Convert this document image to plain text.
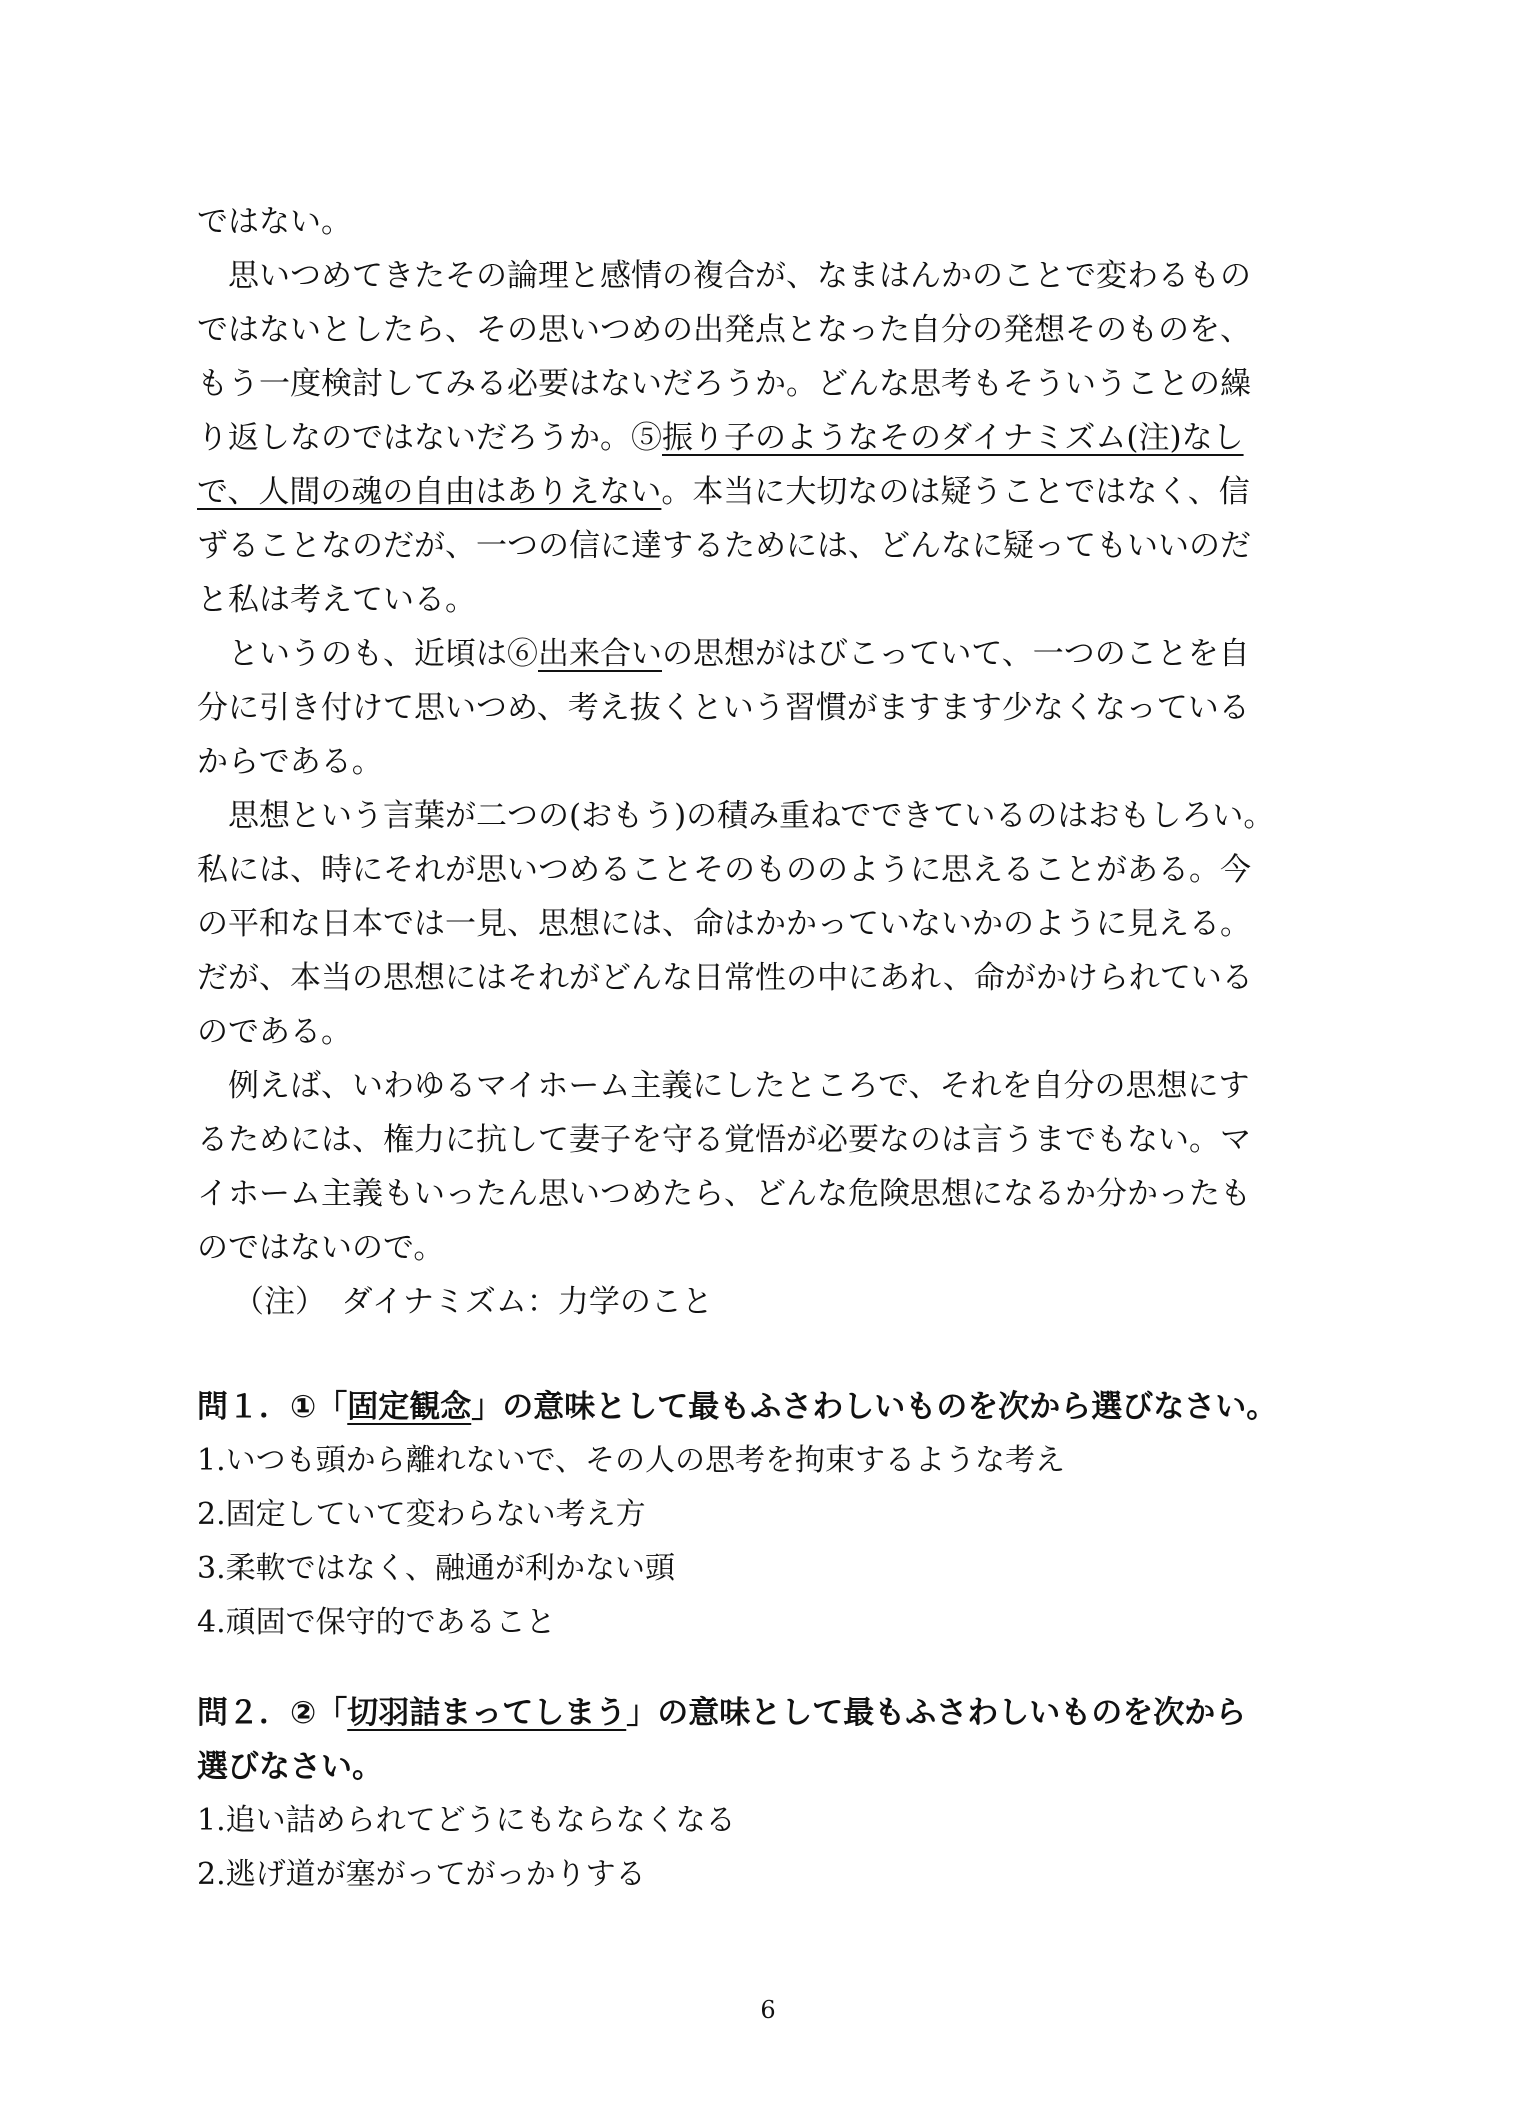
ではない。
　思いつめてきたその論理と感情の複合が、なまはんかのことで変わるもの
ではないとしたら、その思いつめの出発点となった自分の発想そのものを、
もう一度検討してみる必要はないだろうか。どんな思考もそういうことの繰
り返しなのではないだろうか。⑤振り子のようなそのダイナミズム(注)なし
で、人間の魂の自由はありえない。本当に大切なのは疑うことではなく、信
ずることなのだが、一つの信に達するためには、どんなに疑ってもいいのだ
と私は考えている。
　というのも、近頃は⑥出来合いの思想がはびこっていて、一つのことを自
分に引き付けて思いつめ、考え抜くという習慣がますます少なくなっている
からである。
　思想という言葉が二つの(おもう)の積み重ねでできているのはおもしろい。
私には、時にそれが思いつめることそのもののように思えることがある。今
の平和な日本では一見、思想には、命はかかっていないかのように見える。
だが、本当の思想にはそれがどんな日常性の中にあれ、命がかけられている
のである。
　例えば、いわゆるマイホーム主義にしたところで、それを自分の思想にす
るためには、権力に抗して妻子を守る覚悟が必要なのは言うまでもない。マ
イホーム主義もいったん思いつめたら、どんな危険思想になるか分かったも
のではないので。
（注）　ダイナミズム：力学のこと
問１．①「固定観念」の意味として最もふさわしいものを次から選びなさい。
1.いつも頭から離れないで、その人の思考を拘束するような考え
2.固定していて変わらない考え方
3.柔軟ではなく、融通が利かない頭
4.頑固で保守的であること
問２．②「切羽詰まってしまう」の意味として最もふさわしいものを次から
選びなさい。
1.追い詰められてどうにもならなくなる
2.逃げ道が塞がってがっかりする
6
